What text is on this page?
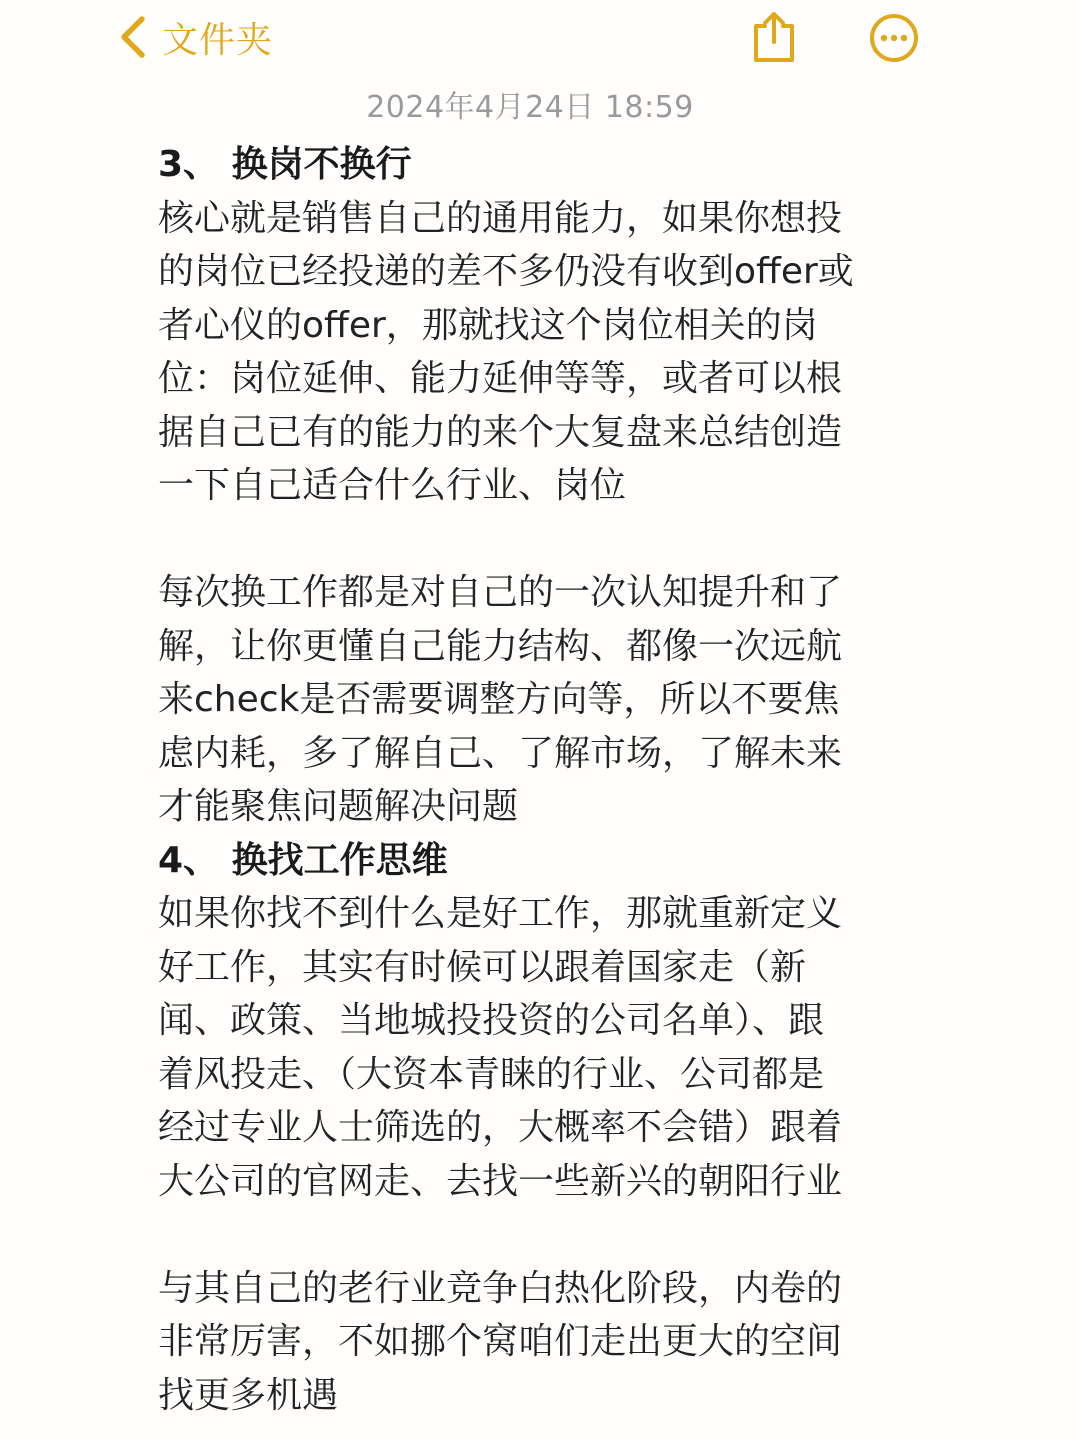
文件夹
2024年4月24日 18:59
3、 换岗不换行
核心就是销售自己的通用能力，如果你想投
的岗位已经投递的差不多仍没有收到offer或
者心仪的offer，那就找这个岗位相关的岗
位：岗位延伸、能力延伸等等，或者可以根
据自己已有的能力的来个大复盘来总结创造
一下自己适合什么行业、岗位
每次换工作都是对自己的一次认知提升和了
解，让你更懂自己能力结构、都像一次远航
来check是否需要调整方向等，所以不要焦
虑内耗，多了解自己、了解市场，了解未来
才能聚焦问题解决问题
4、 换找工作思维
如果你找不到什么是好工作，那就重新定义
好工作，其实有时候可以跟着国家走（新
闻、政策、当地城投投资的公司名单）、跟
着风投走、（大资本青睐的行业、公司都是
经过专业人士筛选的，大概率不会错）跟着
大公司的官网走、去找一些新兴的朝阳行业
与其自己的老行业竞争白热化阶段，内卷的
非常厉害，不如挪个窝咱们走出更大的空间
找更多机遇
